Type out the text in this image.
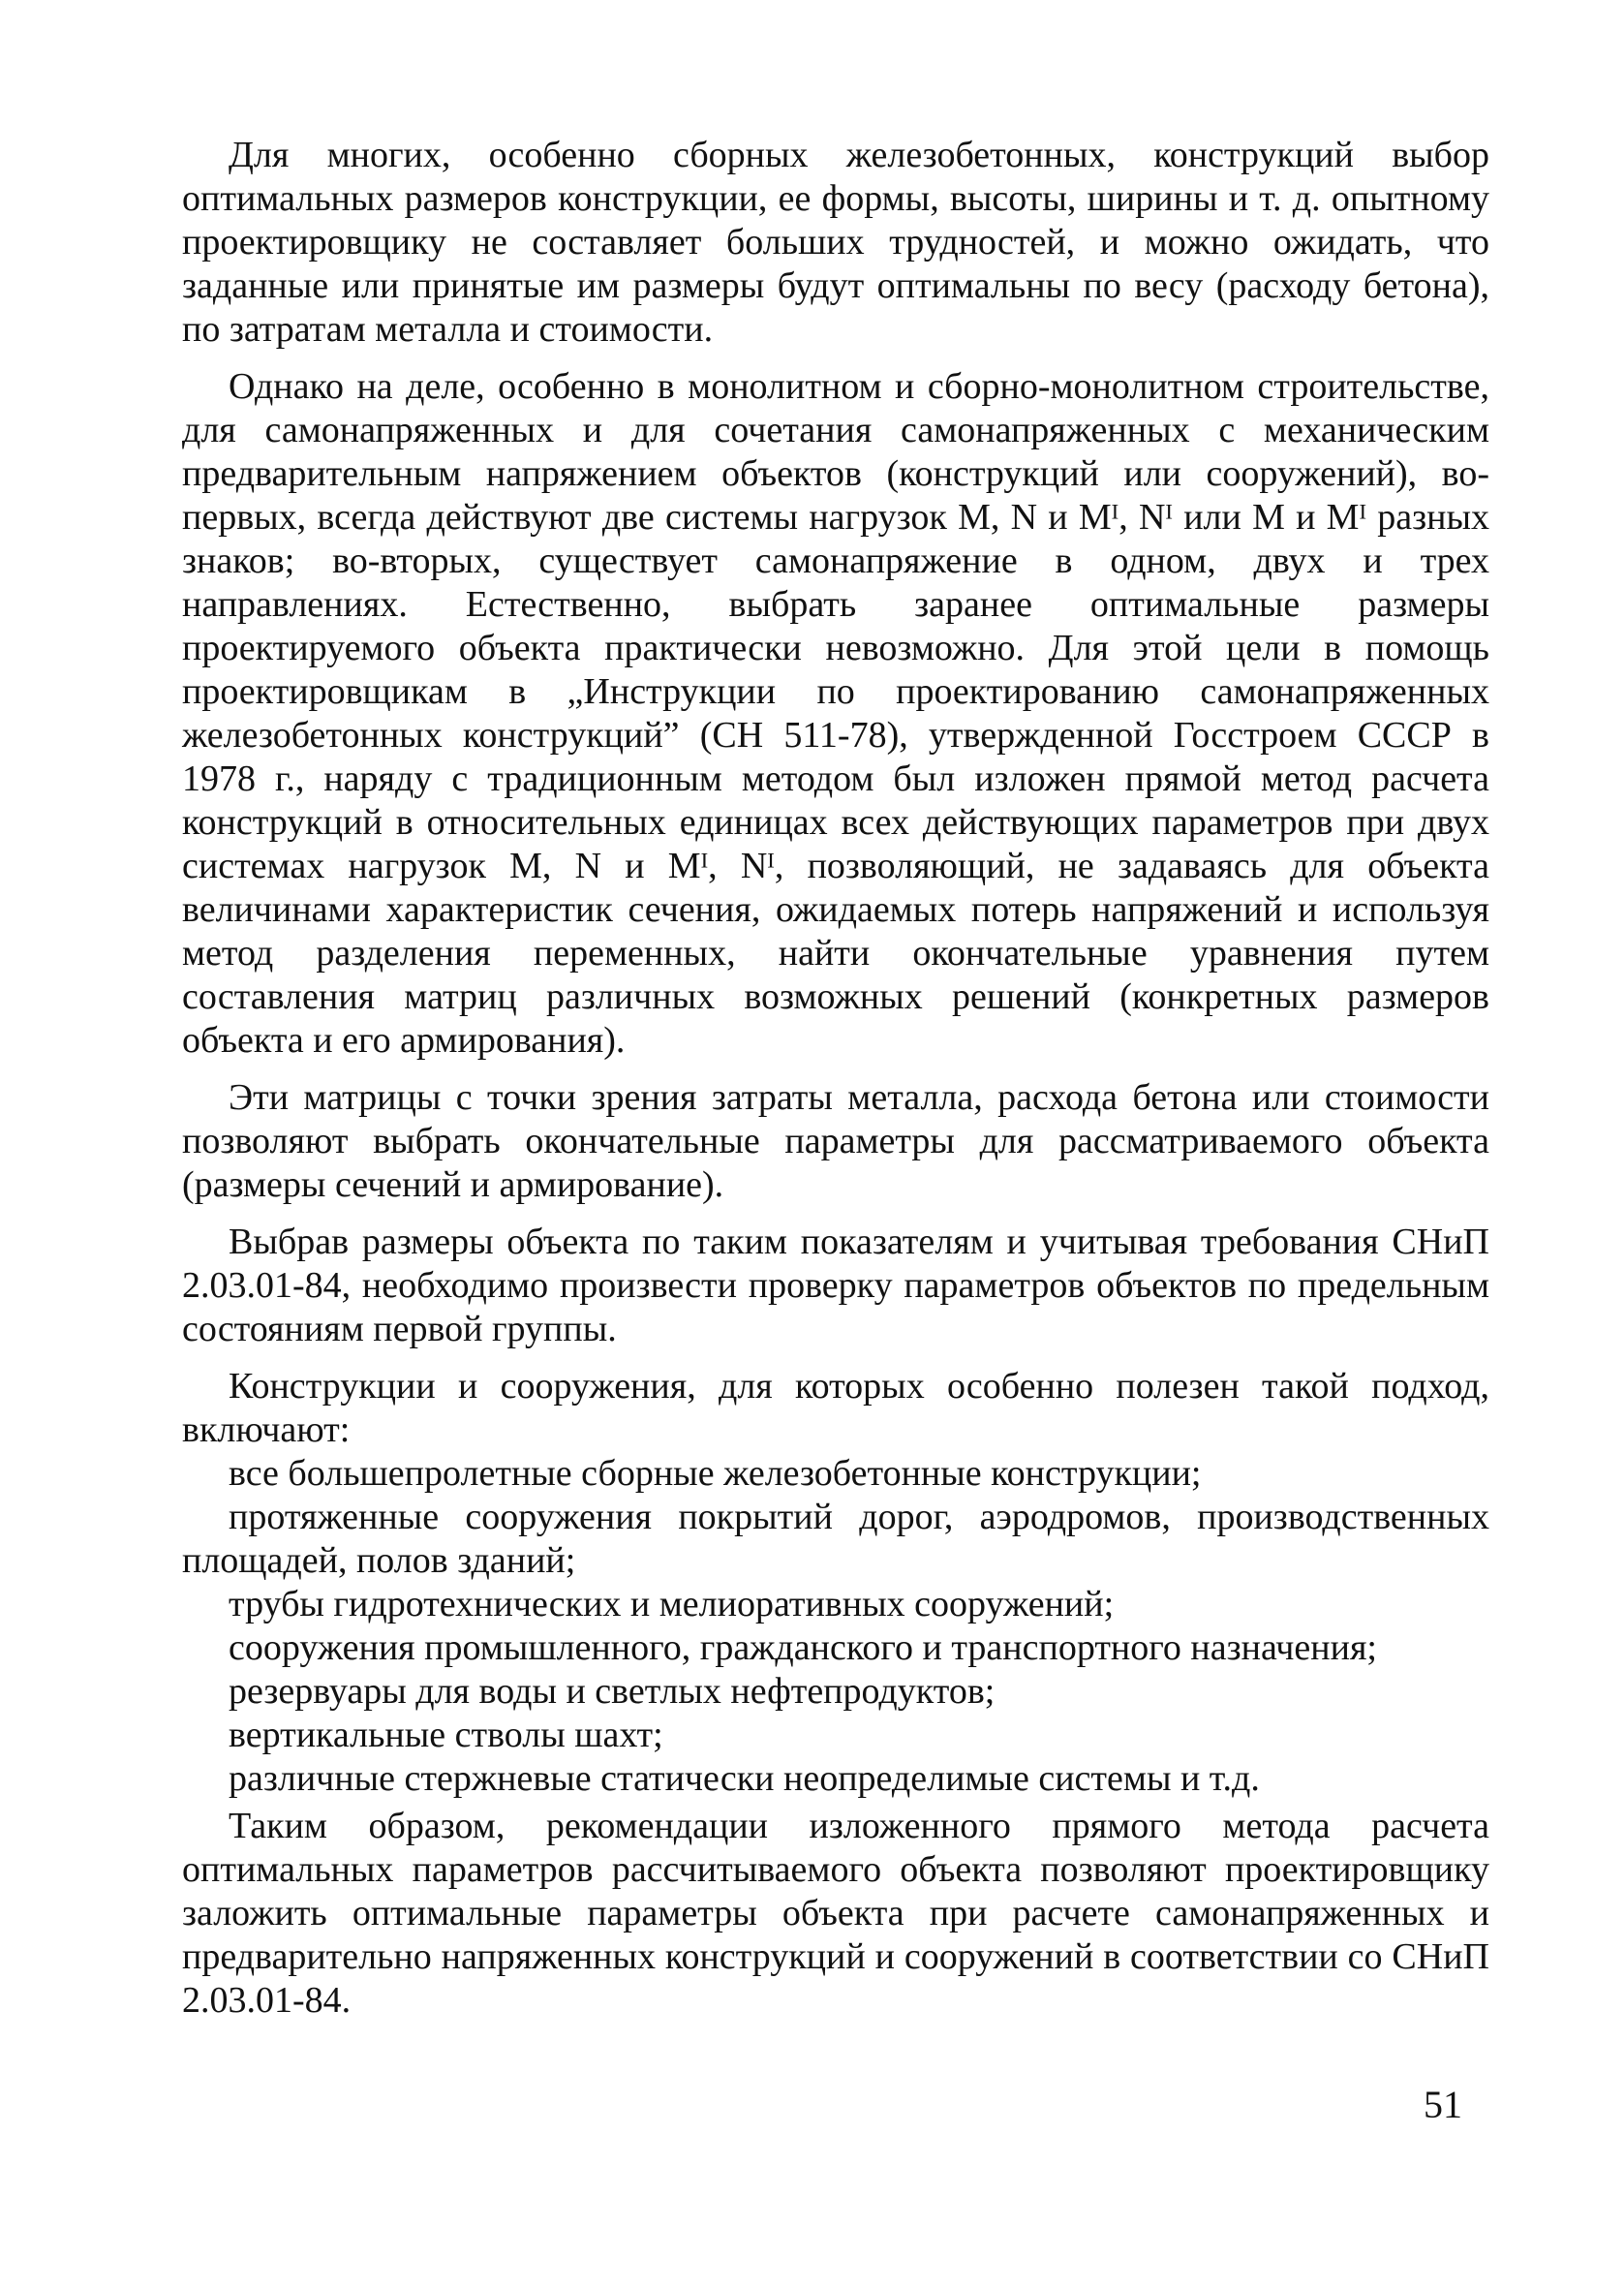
Для многих, особенно сборных железобетонных, конструкций выбор оптимальных размеров конструкции, ее формы, высоты, ширины и т. д. опытному проектировщику не составляет больших трудностей, и можно ожидать, что заданные или принятые им размеры будут оптимальны по весу (расходу бетона), по затратам металла и стоимости.

Однако на деле, особенно в монолитном и сборно-монолитном строительстве, для самонапряженных и для сочетания самонапряженных с механическим предварительным напряжением объектов (конструкций или сооружений), во-первых, всегда действуют две системы нагрузок M, N и Mᴵ, Nᴵ или M и Mᴵ разных знаков; во-вторых, существует самонапряжение в одном, двух и трех направлениях. Естественно, выбрать заранее оптимальные размеры проектируемого объекта практически невозможно. Для этой цели в помощь проектировщикам в „Инструкции по проектированию самонапряженных железобетонных конструкций” (СН 511-78), утвержденной Госстроем СССР в 1978 г., наряду с традиционным методом был изложен прямой метод расчета конструкций в относительных единицах всех действующих параметров при двух системах нагрузок M, N и Mᴵ, Nᴵ, позволяющий, не задаваясь для объекта величинами характеристик сечения, ожидаемых потерь напряжений и используя метод разделения переменных, найти окончательные уравнения путем составления матриц различных возможных решений (конкретных размеров объекта и его армирования).

Эти матрицы с точки зрения затраты металла, расхода бетона или стоимости позволяют выбрать окончательные параметры для рассматриваемого объекта (размеры сечений и армирование).

Выбрав размеры объекта по таким показателям и учитывая требования СНиП 2.03.01-84, необходимо произвести проверку параметров объектов по предельным состояниям первой группы.

Конструкции и сооружения, для которых особенно полезен такой подход, включают:

все большепролетные сборные железобетонные конструкции;

протяженные сооружения покрытий дорог, аэродромов, производственных площадей, полов зданий;

трубы гидротехнических и мелиоративных сооружений;

сооружения промышленного, гражданского и транспортного назначения;

резервуары для воды и светлых нефтепродуктов;

вертикальные стволы шахт;

различные стержневые статически неопределимые системы и т.д.

Таким образом, рекомендации изложенного прямого метода расчета оптимальных параметров рассчитываемого объекта позволяют проектировщику заложить оптимальные параметры объекта при расчете самонапряженных и предварительно напряженных конструкций и сооружений в соответствии со СНиП 2.03.01-84.

51
